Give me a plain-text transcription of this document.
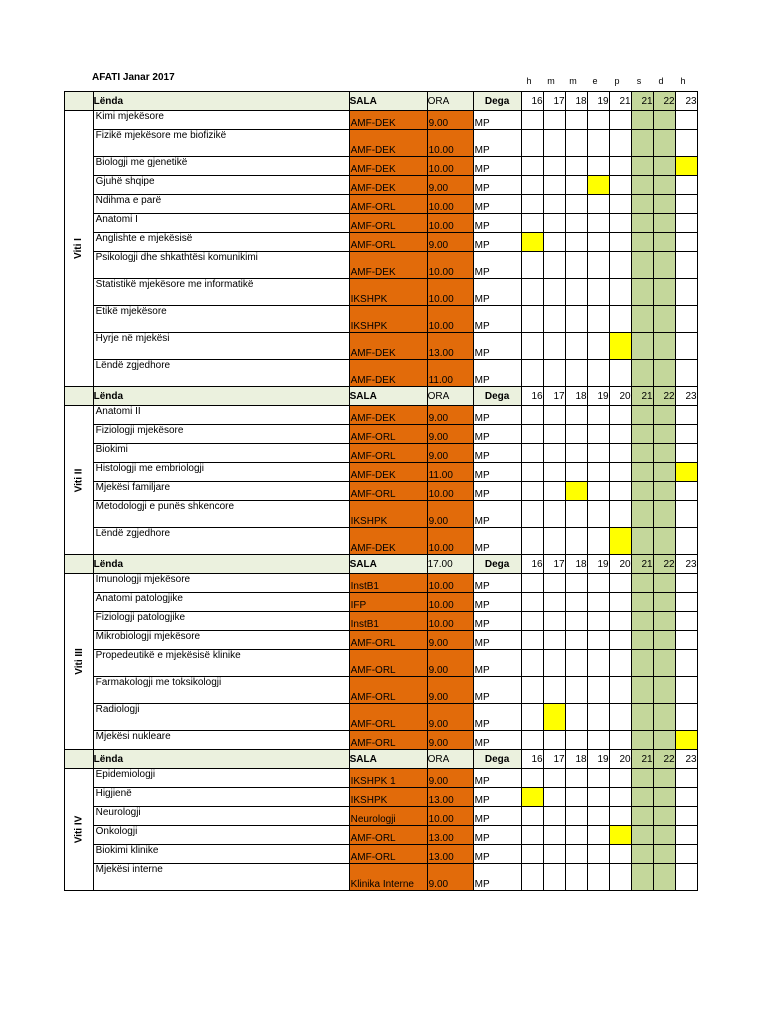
AFATI Janar 2017	h	m	m	e	p	s	d	h
	Lënda	SALA	ORA	Dega	16	17	18	19	21	21	22	23
Viti I	Kimi mjekësore	AMF-DEK	9.00	MP								
	Fizikë mjekësore me biofizikë	AMF-DEK	10.00	MP								
	Biologji me gjenetikë	AMF-DEK	10.00	MP								
	Gjuhë shqipe	AMF-DEK	9.00	MP								
	Ndihma e parë	AMF-ORL	10.00	MP								
	Anatomi I	AMF-ORL	10.00	MP								
	Anglishte e mjekësisë	AMF-ORL	9.00	MP								
	Psikologji dhe shkathtësi komunikimi	AMF-DEK	10.00	MP								
	Statistikë mjekësore me informatikë	IKSHPK	10.00	MP								
	Etikë mjekësore	IKSHPK	10.00	MP								
	Hyrje në mjekësi	AMF-DEK	13.00	MP								
	Lëndë zgjedhore	AMF-DEK	11.00	MP								
	Lënda	SALA	ORA	Dega	16	17	18	19	20	21	22	23
Viti II	Anatomi II	AMF-DEK	9.00	MP								
	Fiziologji mjekësore	AMF-ORL	9.00	MP								
	Biokimi	AMF-ORL	9.00	MP								
	Histologji me embriologji	AMF-DEK	11.00	MP								
	Mjekësi familjare	AMF-ORL	10.00	MP								
	Metodologji e punës shkencore	IKSHPK	9.00	MP								
	Lëndë zgjedhore	AMF-DEK	10.00	MP								
	Lënda	SALA	17.00	Dega	16	17	18	19	20	21	22	23
Viti III	Imunologji mjekësore	InstB1	10.00	MP								
	Anatomi patologjike	IFP	10.00	MP								
	Fiziologji patologjike	InstB1	10.00	MP								
	Mikrobiologji mjekësore	AMF-ORL	9.00	MP								
	Propedeutikë e mjekësisë klinike	AMF-ORL	9.00	MP								
	Farmakologji me toksikologji	AMF-ORL	9.00	MP								
	Radiologji	AMF-ORL	9.00	MP								
	Mjekësi nukleare	AMF-ORL	9.00	MP								
	Lënda	SALA	ORA	Dega	16	17	18	19	20	21	22	23
Viti IV	Epidemiologji	IKSHPK 1	9.00	MP								
	Higjienë	IKSHPK	13.00	MP								
	Neurologji	Neurologji	10.00	MP								
	Onkologji	AMF-ORL	13.00	MP								
	Biokimi klinike	AMF-ORL	13.00	MP								
	Mjekësi interne	Klinika Interne	9.00	MP								
